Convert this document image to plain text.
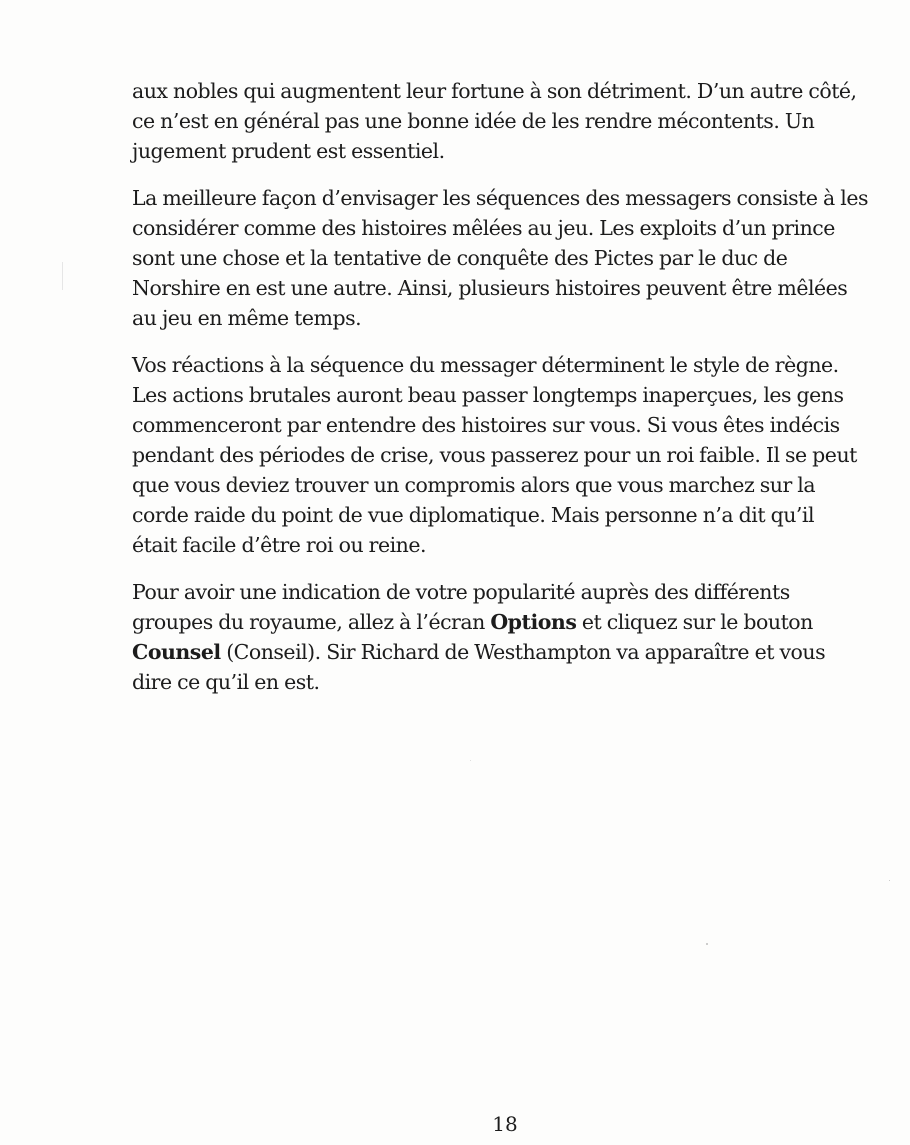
aux nobles qui augmentent leur fortune à son détriment. D’un autre côté,
ce n’est en général pas une bonne idée de les rendre mécontents. Un
jugement prudent est essentiel.

La meilleure façon d’envisager les séquences des messagers consiste à les
considérer comme des histoires mêlées au jeu. Les exploits d’un prince
sont une chose et la tentative de conquête des Pictes par le duc de
Norshire en est une autre. Ainsi, plusieurs histoires peuvent être mêlées
au jeu en même temps.

Vos réactions à la séquence du messager déterminent le style de règne.
Les actions brutales auront beau passer longtemps inaperçues, les gens
commenceront par entendre des histoires sur vous. Si vous êtes indécis
pendant des périodes de crise, vous passerez pour un roi faible. Il se peut
que vous deviez trouver un compromis alors que vous marchez sur la
corde raide du point de vue diplomatique. Mais personne n’a dit qu’il
était facile d’être roi ou reine.

Pour avoir une indication de votre popularité auprès des différents
groupes du royaume, allez à l’écran Options et cliquez sur le bouton
Counsel (Conseil). Sir Richard de Westhampton va apparaître et vous
dire ce qu’il en est.

18
